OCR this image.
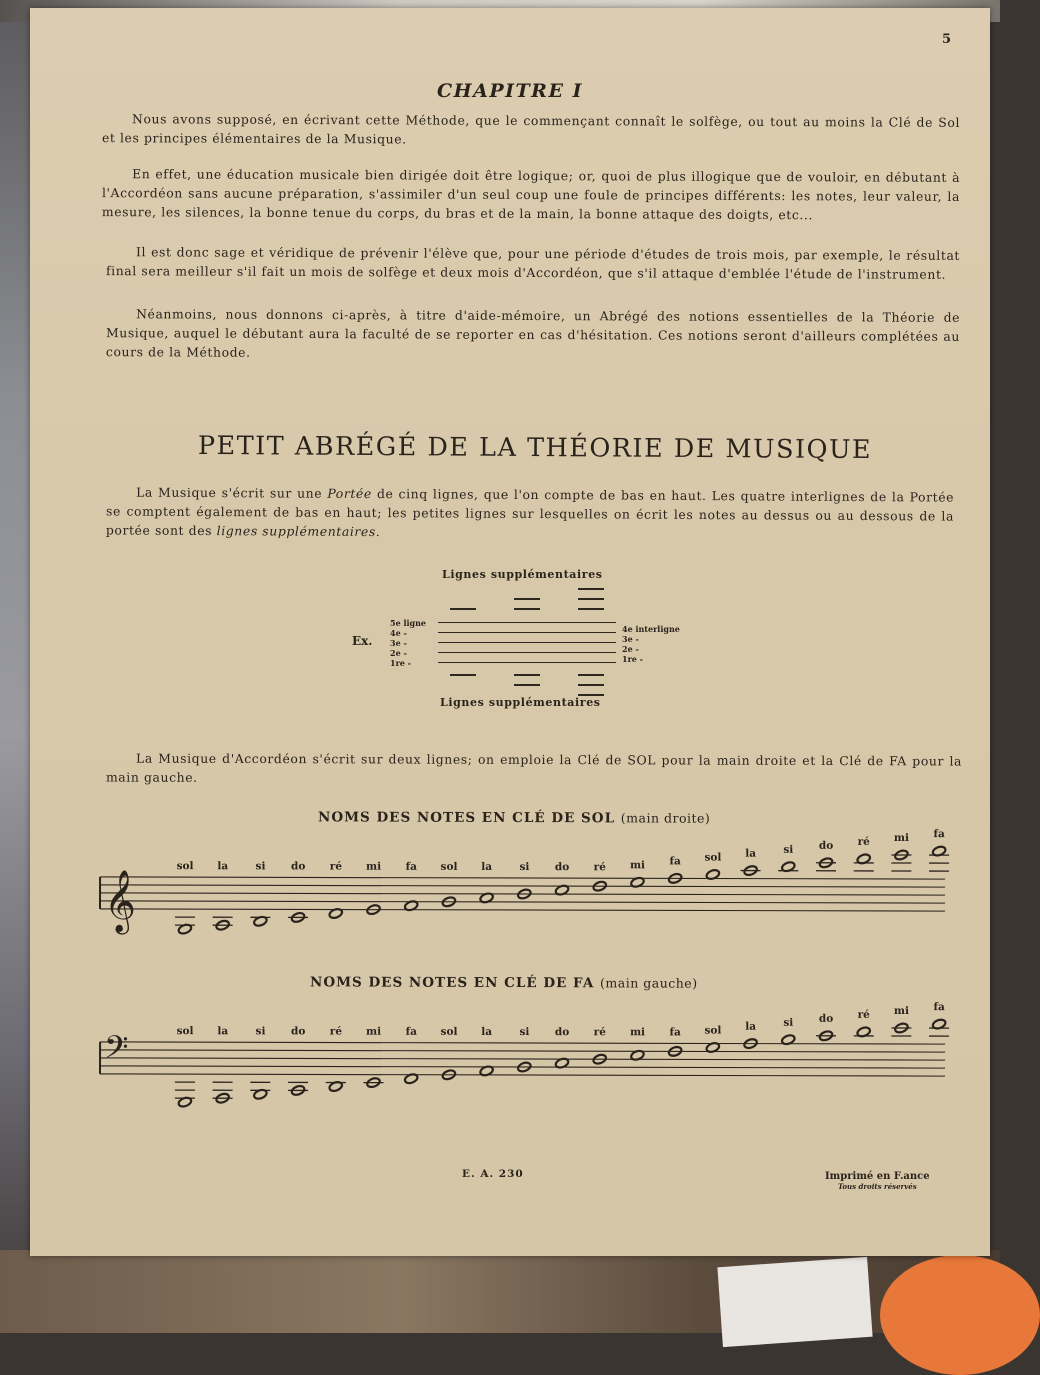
5
CHAPITRE I
Nous avons supposé, en écrivant cette Méthode, que le commençant connaît le solfège, ou tout au moins la Clé de Sol et les principes élémentaires de la Musique.
En effet, une éducation musicale bien dirigée doit être logique; or, quoi de plus illogique que de vouloir, en débutant à l'Accordéon sans aucune préparation, s'assimiler d'un seul coup une foule de principes différents: les notes, leur valeur, la mesure, les silences, la bonne tenue du corps, du bras et de la main, la bonne attaque des doigts, etc...
Il est donc sage et véridique de prévenir l'élève que, pour une période d'études de trois mois, par exemple, le résultat final sera meilleur s'il fait un mois de solfège et deux mois d'Accordéon, que s'il attaque d'emblée l'étude de l'instrument.
Néanmoins, nous donnons ci-après, à titre d'aide-mémoire, un Abrégé des notions essentielles de la Théorie de Musique, auquel le débutant aura la faculté de se reporter en cas d'hésitation. Ces notions seront d'ailleurs complétées au cours de la Méthode.
PETIT ABRÉGÉ DE LA THÉORIE DE MUSIQUE
La Musique s'écrit sur une Portée de cinq lignes, que l'on compte de bas en haut. Les quatre interlignes de la Portée se comptent également de bas en haut; les petites lignes sur lesquelles on écrit les notes au dessus ou au dessous de la portée sont des lignes supplémentaires.
Lignes supplémentaires
Ex.
5e ligne
4e -
3e -
2e -
1re -
4e interligne
3e -
2e -
1re -
Lignes supplémentaires
La Musique d'Accordéon s'écrit sur deux lignes; on emploie la Clé de SOL pour la main droite et la Clé de FA pour la main gauche.
NOMS DES NOTES EN CLÉ DE SOL (main droite)
𝄞
sol la	si do ré mi fa sol la	si do ré mi fa sol la	si do ré mi fa
NOMS DES NOTES EN CLÉ DE FA (main gauche)
𝄢	sol la	si do ré mi fa sol la	si do ré mi fa sol la	si do ré mi fa
E. A. 230	Imprimé en F.ance
Tous droits réservés
